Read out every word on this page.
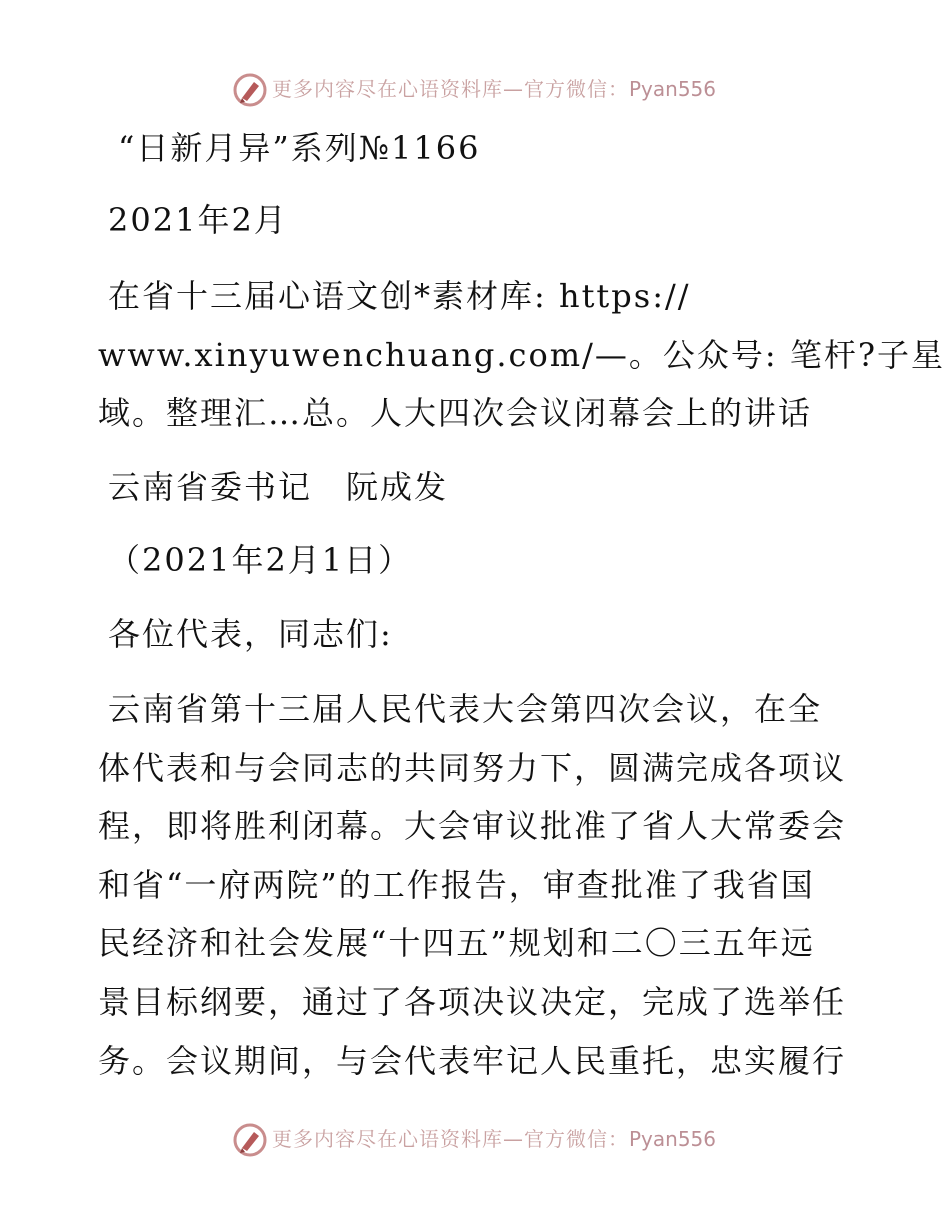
更多内容尽在心语资料库—官方微信：Pyan556
“日新月异”系列№1166
2021年2月
在省十三届心语文创*素材库: https://
www.xinyuwenchuang.com/—。公众号: 笔杆?子星
域。整理汇…总。人大四次会议闭幕会上的讲话
云南省委书记　阮成发
（2021年2月1日）
各位代表，同志们:
云南省第十三届人民代表大会第四次会议，在全
体代表和与会同志的共同努力下，圆满完成各项议
程，即将胜利闭幕。大会审议批准了省人大常委会
和省“一府两院”的工作报告，审查批准了我省国
民经济和社会发展“十四五”规划和二〇三五年远
景目标纲要，通过了各项决议决定，完成了选举任
务。会议期间，与会代表牢记人民重托，忠实履行
更多内容尽在心语资料库—官方微信：Pyan556
